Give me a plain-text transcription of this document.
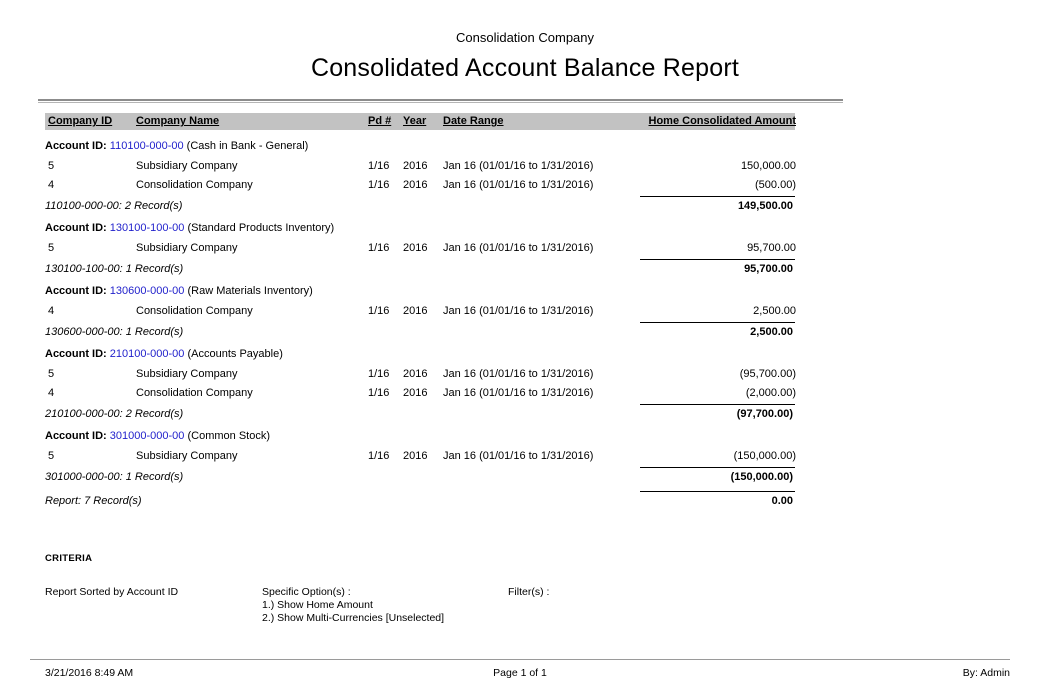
Consolidation Company
Consolidated Account Balance Report
Company ID	Company Name	Pd #	Year	Date Range	Home Consolidated Amount
Account ID: 110100-000-00 (Cash in Bank - General)
5	Subsidiary Company	1/16	2016	Jan 16 (01/01/16 to 1/31/2016)	150,000.00
4	Consolidation Company	1/16	2016	Jan 16 (01/01/16 to 1/31/2016)	(500.00)
110100-000-00: 2 Record(s)	149,500.00
Account ID: 130100-100-00 (Standard Products Inventory)
5	Subsidiary Company	1/16	2016	Jan 16 (01/01/16 to 1/31/2016)	95,700.00
130100-100-00: 1 Record(s)	95,700.00
Account ID: 130600-000-00 (Raw Materials Inventory)
4	Consolidation Company	1/16	2016	Jan 16 (01/01/16 to 1/31/2016)	2,500.00
130600-000-00: 1 Record(s)	2,500.00
Account ID: 210100-000-00 (Accounts Payable)
5	Subsidiary Company	1/16	2016	Jan 16 (01/01/16 to 1/31/2016)	(95,700.00)
4	Consolidation Company	1/16	2016	Jan 16 (01/01/16 to 1/31/2016)	(2,000.00)
210100-000-00: 2 Record(s)	(97,700.00)
Account ID: 301000-000-00 (Common Stock)
5	Subsidiary Company	1/16	2016	Jan 16 (01/01/16 to 1/31/2016)	(150,000.00)
301000-000-00: 1 Record(s)	(150,000.00)
Report: 7 Record(s)	0.00
CRITERIA
Report Sorted by Account ID	Specific Option(s) :
1.) Show Home Amount
2.) Show Multi-Currencies [Unselected]
Filter(s) :
3/21/2016 8:49 AM	Page 1 of 1	By: Admin
